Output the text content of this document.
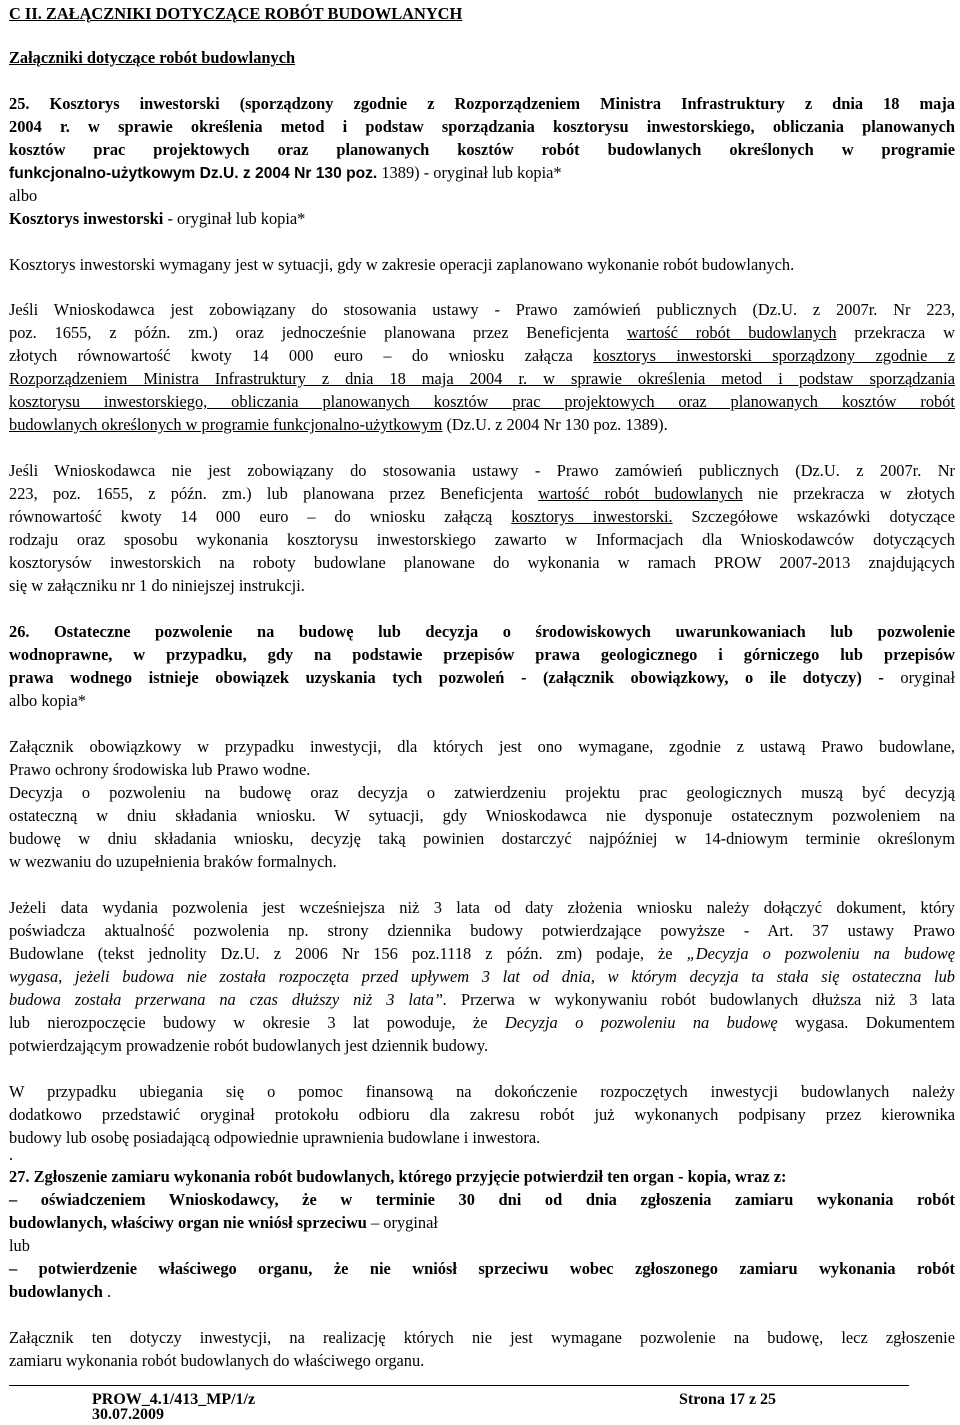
C II. ZAŁĄCZNIKI DOTYCZĄCE ROBÓT BUDOWLANYCH
Załączniki dotyczące robót budowlanych
25. Kosztorys inwestorski (sporządzony zgodnie z Rozporządzeniem Ministra Infrastruktury z dnia 18 maja
2004 r. w sprawie określenia metod i podstaw sporządzania kosztorysu inwestorskiego, obliczania planowanych
kosztów prac projektowych oraz planowanych kosztów robót budowlanych określonych w programie
funkcjonalno-użytkowym Dz.U. z 2004 Nr 130 poz. 1389) - oryginał lub kopia*
albo
Kosztorys inwestorski - oryginał lub kopia*
Kosztorys inwestorski wymagany jest w sytuacji, gdy w zakresie operacji zaplanowano wykonanie robót budowlanych.
Jeśli Wnioskodawca jest zobowiązany do stosowania ustawy - Prawo zamówień publicznych (Dz.U. z 2007r. Nr 223,
poz. 1655, z późn. zm.) oraz jednocześnie planowana przez Beneficjenta wartość robót budowlanych przekracza w
złotych równowartość kwoty 14 000 euro – do wniosku załącza kosztorys inwestorski sporządzony zgodnie z
Rozporządzeniem Ministra Infrastruktury z dnia 18 maja 2004 r. w sprawie określenia metod i podstaw sporządzania
kosztorysu inwestorskiego, obliczania planowanych kosztów prac projektowych oraz planowanych kosztów robót
budowlanych określonych w programie funkcjonalno-użytkowym (Dz.U. z 2004 Nr 130 poz. 1389).
Jeśli Wnioskodawca nie jest zobowiązany do stosowania ustawy - Prawo zamówień publicznych (Dz.U. z 2007r. Nr
223, poz. 1655, z późn. zm.) lub planowana przez Beneficjenta wartość robót budowlanych nie przekracza w złotych
równowartość kwoty 14 000 euro – do wniosku załączą kosztorys inwestorski. Szczegółowe wskazówki dotyczące
rodzaju oraz sposobu wykonania kosztorysu inwestorskiego zawarto w Informacjach dla Wnioskodawców dotyczących
kosztorysów inwestorskich na roboty budowlane planowane do wykonania w ramach PROW 2007-2013 znajdujących
się w załączniku nr 1 do niniejszej instrukcji.
26. Ostateczne pozwolenie na budowę lub decyzja o środowiskowych uwarunkowaniach lub pozwolenie
wodnoprawne, w przypadku, gdy na podstawie przepisów prawa geologicznego i górniczego lub przepisów
prawa wodnego istnieje obowiązek uzyskania tych pozwoleń - (załącznik obowiązkowy, o ile dotyczy) - oryginał
albo kopia*
Załącznik obowiązkowy w przypadku inwestycji, dla których jest ono wymagane, zgodnie z ustawą Prawo budowlane,
Prawo ochrony środowiska lub Prawo wodne.
Decyzja o pozwoleniu na budowę oraz decyzja o zatwierdzeniu projektu prac geologicznych muszą być decyzją
ostateczną w dniu składania wniosku. W sytuacji, gdy Wnioskodawca nie dysponuje ostatecznym pozwoleniem na
budowę w dniu składania wniosku, decyzję taką powinien dostarczyć najpóźniej w 14-dniowym terminie określonym
w wezwaniu do uzupełnienia braków formalnych.
Jeżeli data wydania pozwolenia jest wcześniejsza niż 3 lata od daty złożenia wniosku należy dołączyć dokument, który
poświadcza aktualność pozwolenia np. strony dziennika budowy potwierdzające powyższe - Art. 37 ustawy Prawo
Budowlane (tekst jednolity Dz.U. z 2006 Nr 156 poz.1118 z późn. zm) podaje, że „Decyzja o pozwoleniu na budowę
wygasa, jeżeli budowa nie została rozpoczęta przed upływem 3 lat od dnia, w którym decyzja ta stała się ostateczna lub
budowa została przerwana na czas dłuższy niż 3 lata”. Przerwa w wykonywaniu robót budowlanych dłuższa niż 3 lata
lub nierozpoczęcie budowy w okresie 3 lat powoduje, że Decyzja o pozwoleniu na budowę wygasa. Dokumentem
potwierdzającym prowadzenie robót budowlanych jest dziennik budowy.
W przypadku ubiegania się o pomoc finansową na dokończenie rozpoczętych inwestycji budowlanych należy
dodatkowo przedstawić oryginał protokołu odbioru dla zakresu robót już wykonanych podpisany przez kierownika
budowy lub osobę posiadającą odpowiednie uprawnienia budowlane i inwestora.
.
27. Zgłoszenie zamiaru wykonania robót budowlanych, którego przyjęcie potwierdził ten organ - kopia, wraz z:
– oświadczeniem Wnioskodawcy, że w terminie 30 dni od dnia zgłoszenia zamiaru wykonania robót
budowlanych, właściwy organ nie wniósł sprzeciwu – oryginał
lub
– potwierdzenie właściwego organu, że nie wniósł sprzeciwu wobec zgłoszonego zamiaru wykonania robót
budowlanych .
Załącznik ten dotyczy inwestycji, na realizację których nie jest wymagane pozwolenie na budowę, lecz zgłoszenie
zamiaru wykonania robót budowlanych do właściwego organu.
PROW_4.1/413_MP/1/z	Strona 17 z 25
30.07.2009
